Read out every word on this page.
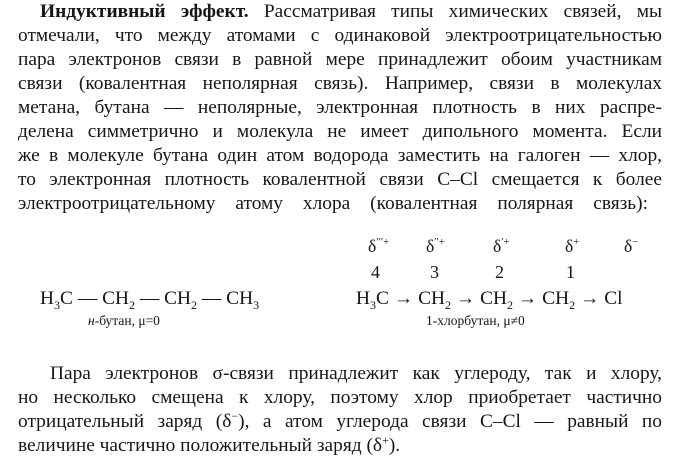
Индуктивный эффект. Рассматривая типы химических связей, мы
отмечали, что между атомами с одинаковой электроотрицательностью
пара электронов связи в равной мере принадлежит обоим участникам
связи (ковалентная неполярная связь). Например, связи в молекулах
метана, бутана — неполярные, электронная плотность в них распре-
делена симметрично и молекула не имеет дипольного момента. Если
же в молекуле бутана один атом водорода заместить на галоген — хлор,
то электронная плотность ковалентной связи C–Cl смещается к более
электроотрицательному атому хлора (ковалентная полярная связь):
$H_3C$ — $CH_2$ — $CH_2$ — $CH_3$
н-бутан, μ=0
δ′′′+ δ′′+	δ′+	δ+	δ−
4	3	2	1
$H_3C \to CH_2 \to CH_2 \to CH_2 \to Cl$
1-хлорбутан, μ≠0
Пара электронов σ-связи принадлежит как углероду, так и хлору,
но несколько смещена к хлору, поэтому хлор приобретает частично
отрицательный заряд (δ−), а атом углерода связи C–Cl — равный по
величине частично положительный заряд (δ+).
